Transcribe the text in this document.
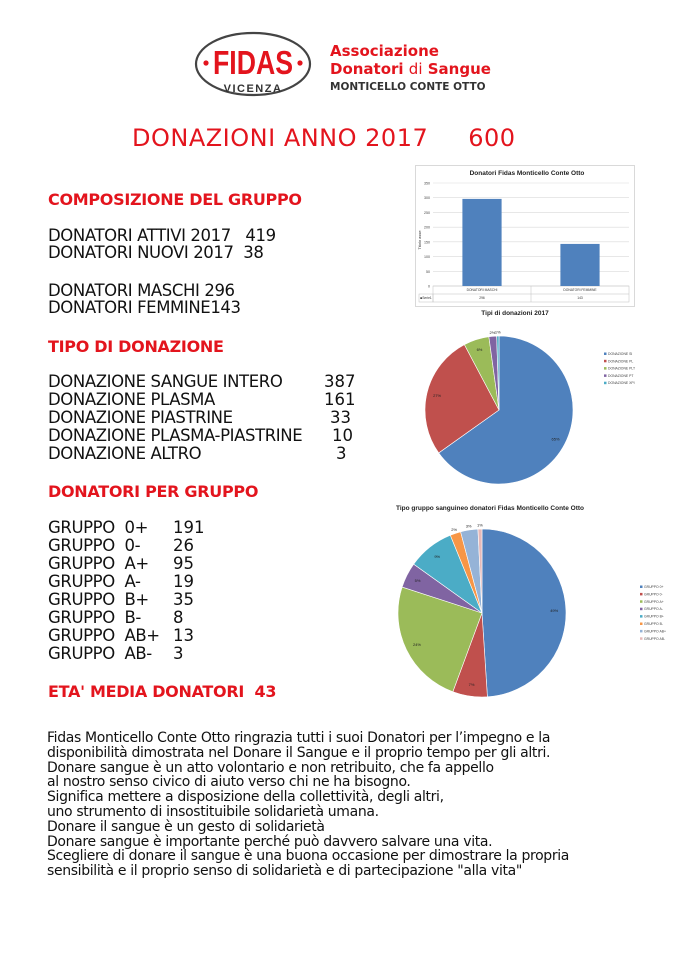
FIDAS
VICENZA
Associazione
Donatori di Sangue
MONTICELLO CONTE OTTO
DONAZIONI ANNO 2017 600
COMPOSIZIONE DEL GRUPPO
DONATORI ATTIVI 2017 419
DONATORI NUOVI 2017 38
DONATORI MASCHI 296
DONATORI FEMMINE143
TIPO DI DONAZIONE
DONAZIONE SANGUE INTERO	387
DONAZIONE PLASMA	161
DONAZIONE PIASTRINE	33
DONAZIONE PLASMA-PIASTRINE 10
DONAZIONE ALTRO	3
DONATORI PER GRUPPO
GRUPPO  0+ 191
GRUPPO  0- 26
GRUPPO  A+ 95
GRUPPO  A- 19
GRUPPO  B+ 35
GRUPPO  B- 8
GRUPPO  AB+ 13
GRUPPO  AB- 3
ETA' MEDIA DONATORI 43
Donatori Fidas Monticello Conte Otto
Titolo asse
0
50
100
150
200
250
300
350
■Serie1
DONATORI MASCHI
296
DONATORI FEMMINE
143
Tipi di donazioni 2017
65%
27%
6%
2% 1%
DONAZIONE SI
DONAZIONE PL
DONAZIONE PLT
DONAZIONE PT
DONAZIONE XPI
Tipo gruppo sanguineo donatori Fidas Monticello Conte Otto
49%
7%
24%
5%
9%
2%
3% 1%
GRUPPO 0+
GRUPPO 0-
GRUPPO A+
GRUPPO A-
GRUPPO B+
GRUPPO B-
GRUPPO AB+
GRUPPO AB-
Fidas Monticello Conte Otto ringrazia tutti i suoi Donatori per l’impegno e la
disponibilità dimostrata nel Donare il Sangue e il proprio tempo per gli altri.
Donare sangue è un atto volontario e non retribuito, che fa appello
al nostro senso civico di aiuto verso chi ne ha bisogno.
Significa mettere a disposizione della collettività, degli altri,
uno strumento di insostituibile solidarietà umana.
Donare il sangue è un gesto di solidarietà
Donare sangue è importante perché può davvero salvare una vita.
Scegliere di donare il sangue è una buona occasione per dimostrare la propria
sensibilità e il proprio senso di solidarietà e di partecipazione "alla vita"
